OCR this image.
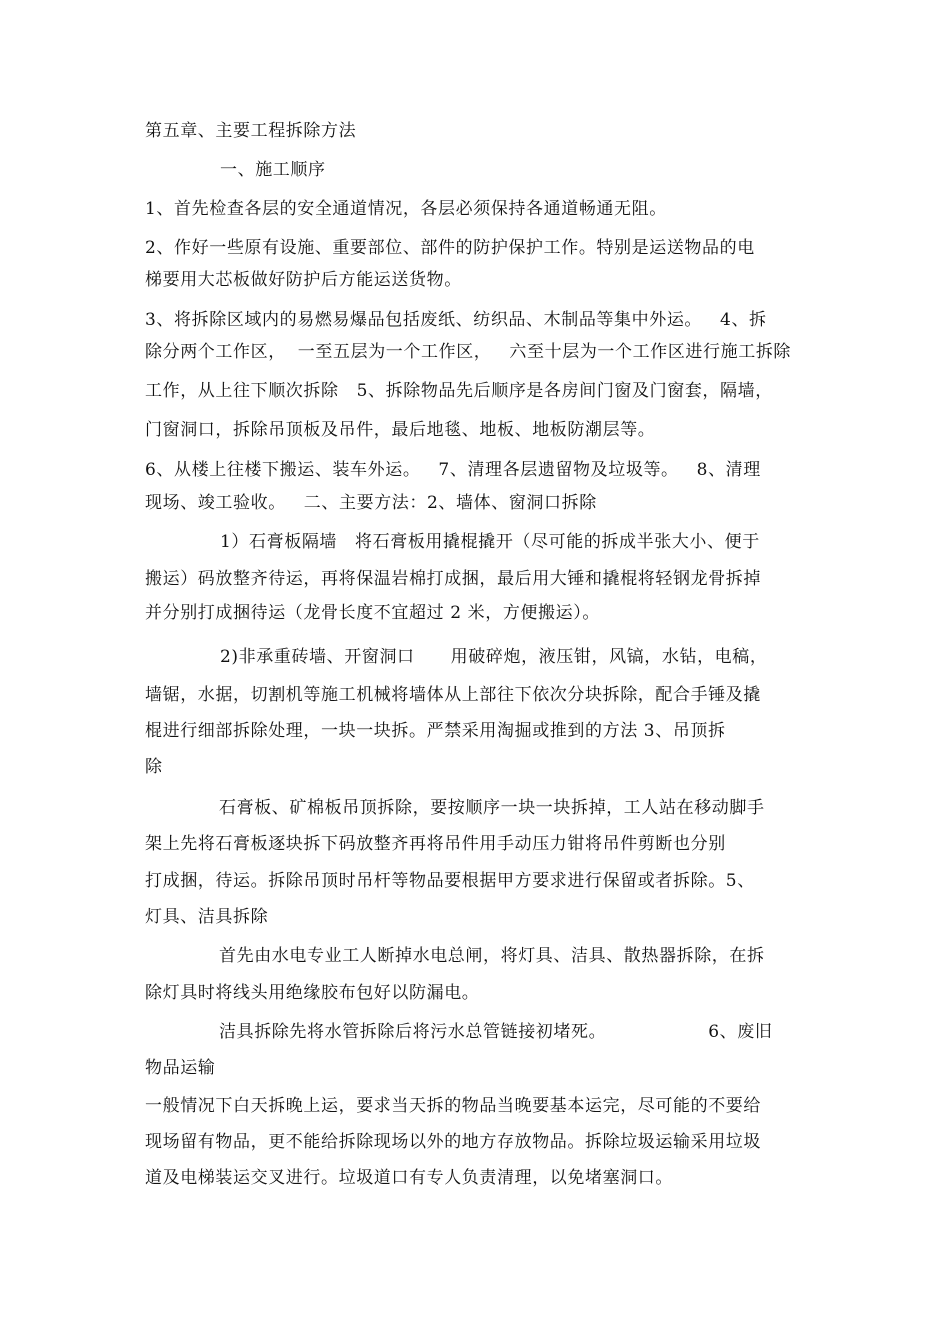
第五章、主要工程拆除方法
一、施工顺序
1、首先检查各层的安全通道情况，各层必须保持各通道畅通无阻。
2、作好一些原有设施、重要部位、部件的防护保护工作。特别是运送物品的电
梯要用大芯板做好防护后方能运送货物。
3、将拆除区域内的易燃易爆品包括废纸、纺织品、木制品等集中外运。   4、拆
除分两个工作区，  一至五层为一个工作区，   六至十层为一个工作区进行施工拆除
工作，从上往下顺次拆除   5、拆除物品先后顺序是各房间门窗及门窗套，隔墙，
门窗洞口，拆除吊顶板及吊件，最后地毯、地板、地板防潮层等。
6、从楼上往楼下搬运、装车外运。   7、清理各层遗留物及垃圾等。   8、清理
现场、竣工验收。   二、主要方法：2、墙体、窗洞口拆除
1）石膏板隔墙   将石膏板用撬棍撬开（尽可能的拆成半张大小、便于
搬运）码放整齐待运，再将保温岩棉打成捆，最后用大锤和撬棍将轻钢龙骨拆掉
并分别打成捆待运（龙骨长度不宜超过 2 米，方便搬运）。
2)非承重砖墙、开窗洞口      用破碎炮，液压钳，风镐，水钻，电稿，
墙锯，水据，切割机等施工机械将墙体从上部往下依次分块拆除，配合手锤及撬
棍进行细部拆除处理，一块一块拆。严禁采用淘掘或推到的方法 3、吊顶拆
除
石膏板、矿棉板吊顶拆除，要按顺序一块一块拆掉，工人站在移动脚手
架上先将石膏板逐块拆下码放整齐再将吊件用手动压力钳将吊件剪断也分别
打成捆，待运。拆除吊顶时吊杆等物品要根据甲方要求进行保留或者拆除。5、
灯具、洁具拆除
首先由水电专业工人断掉水电总闸，将灯具、洁具、散热器拆除，在拆
除灯具时将线头用绝缘胶布包好以防漏电。
洁具拆除先将水管拆除后将污水总管链接初堵死。                 6、废旧
物品运输
一般情况下白天拆晚上运，要求当天拆的物品当晚要基本运完，尽可能的不要给
现场留有物品，更不能给拆除现场以外的地方存放物品。拆除垃圾运输采用垃圾
道及电梯装运交叉进行。垃圾道口有专人负责清理，以免堵塞洞口。
